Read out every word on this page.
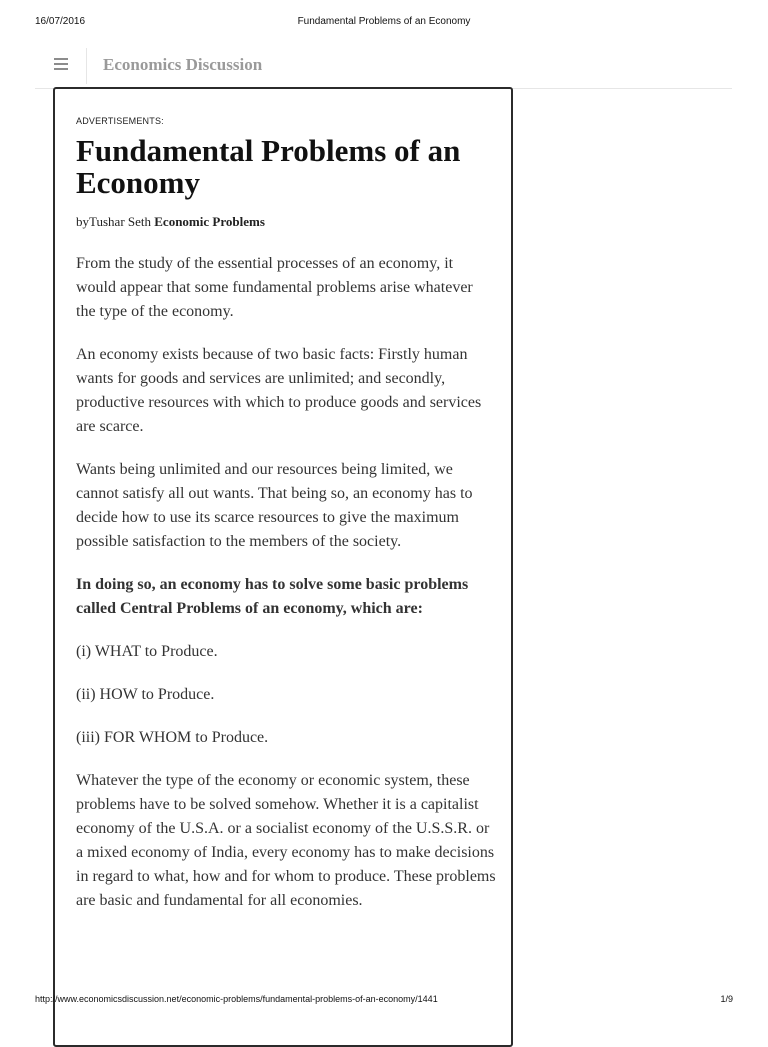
16/07/2016	Fundamental Problems of an Economy
Economics Discussion
ADVERTISEMENTS:
Fundamental Problems of an Economy
byTushar Seth Economic Problems

From the study of the essential processes of an economy, it would appear that some fundamental problems arise whatever the type of the economy.

An economy exists because of two basic facts: Firstly human wants for goods and services are unlimited; and secondly, productive resources with which to produce goods and services are scarce.

Wants being unlimited and our resources being limited, we cannot satisfy all out wants. That being so, an economy has to decide how to use its scarce resources to give the maximum possible satisfaction to the members of the society.

In doing so, an economy has to solve some basic problems called Central Problems of an economy, which are:

(i) WHAT to Produce.

(ii) HOW to Produce.

(iii) FOR WHOM to Produce.

Whatever the type of the economy or economic system, these problems have to be solved somehow. Whether it is a capitalist economy of the U.S.A. or a socialist economy of the U.S.S.R. or a mixed economy of India, every economy has to make decisions in regard to what, how and for whom to produce. These problems are basic and fundamental for all economies.

http://www.economicsdiscussion.net/economic-problems/fundamental-problems-of-an-economy/1441	1/9
